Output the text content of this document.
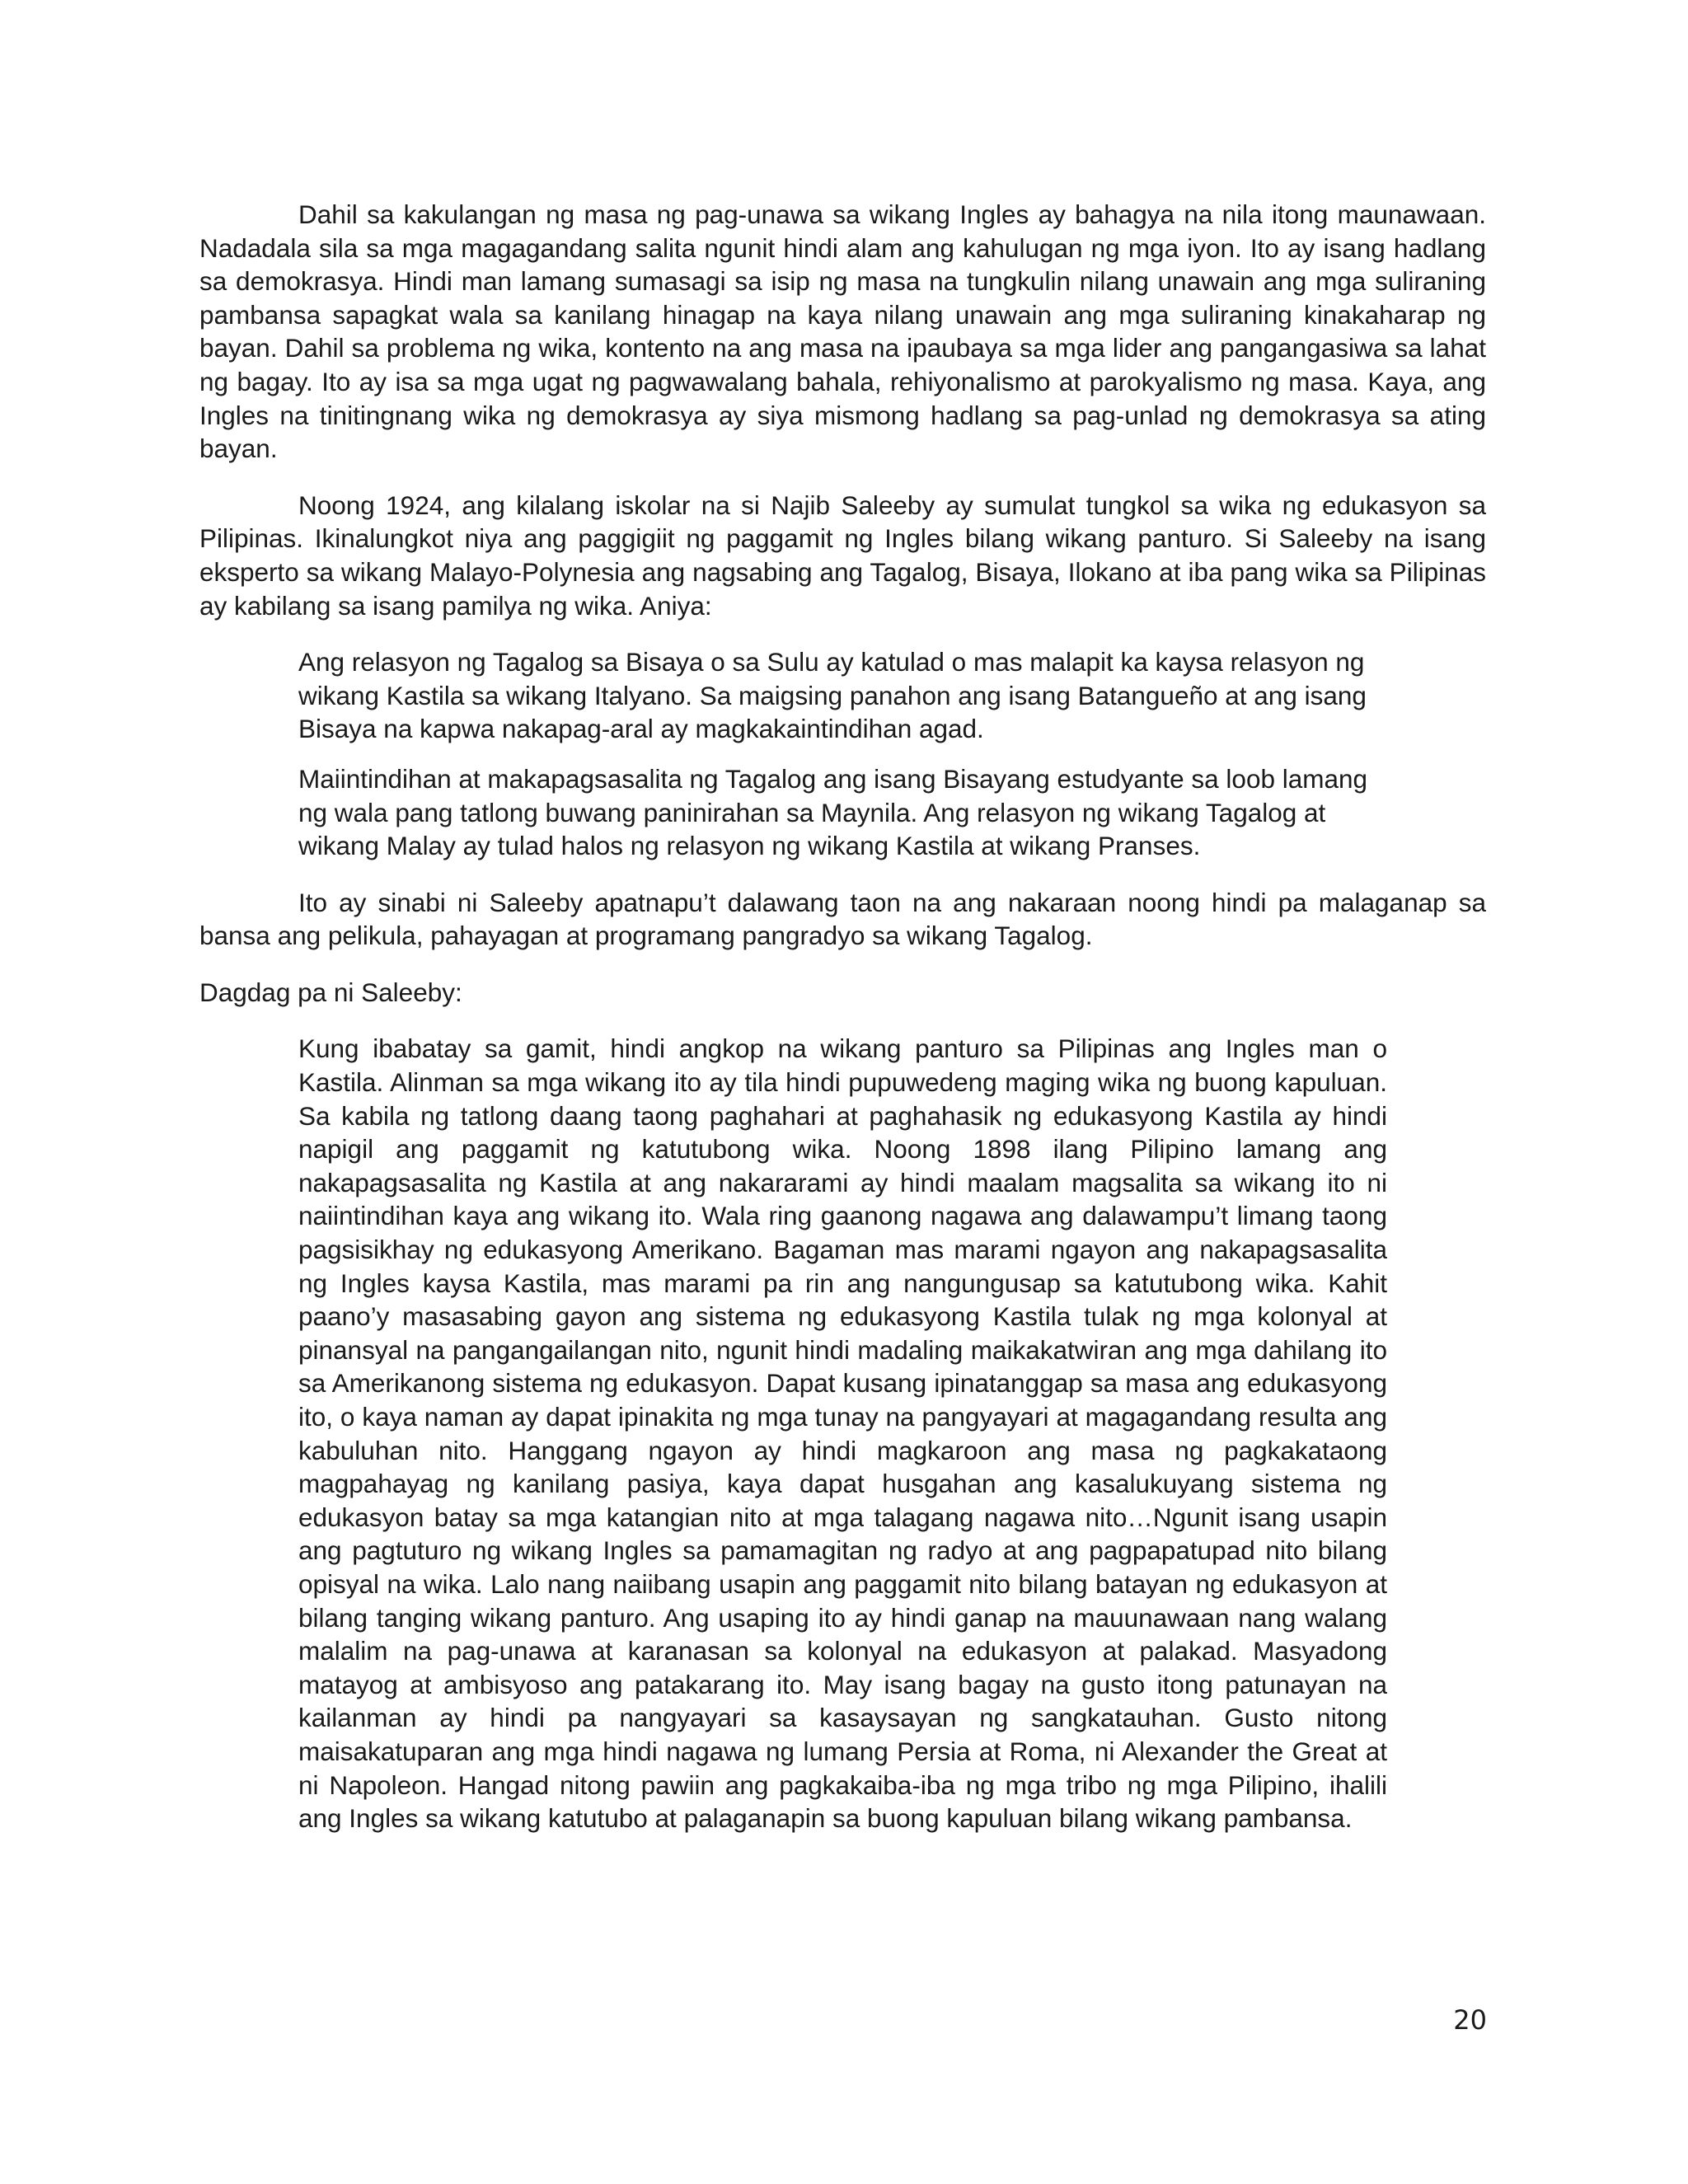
Dahil sa kakulangan ng masa ng pag-unawa sa wikang Ingles ay bahagya na nila itong maunawaan. Nadadala sila sa mga magagandang salita ngunit hindi alam ang kahulugan ng mga iyon. Ito ay isang hadlang sa demokrasya. Hindi man lamang sumasagi sa isip ng masa na tungkulin nilang unawain ang mga suliraning pambansa sapagkat wala sa kanilang hinagap na kaya nilang unawain ang mga suliraning kinakaharap ng bayan. Dahil sa problema ng wika, kontento na ang masa na ipaubaya sa mga lider ang pangangasiwa sa lahat ng bagay. Ito ay isa sa mga ugat ng pagwawalang bahala, rehiyonalismo at parokyalismo ng masa. Kaya, ang Ingles na tinitingnang wika ng demokrasya ay siya mismong hadlang sa pag-unlad ng demokrasya sa ating bayan.

Noong 1924, ang kilalang iskolar na si Najib Saleeby ay sumulat tungkol sa wika ng edukasyon sa Pilipinas. Ikinalungkot niya ang paggigiit ng paggamit ng Ingles bilang wikang panturo. Si Saleeby na isang eksperto sa wikang Malayo-Polynesia ang nagsabing ang Tagalog, Bisaya, Ilokano at iba pang wika sa Pilipinas ay kabilang sa isang pamilya ng wika. Aniya:

Ang relasyon ng Tagalog sa Bisaya o sa Sulu ay katulad o mas malapit ka kaysa relasyon ng wikang Kastila sa wikang Italyano. Sa maigsing panahon ang isang Batangueño at ang isang Bisaya na kapwa nakapag-aral ay magkakaintindihan agad.

Maiintindihan at makapagsasalita ng Tagalog ang isang Bisayang estudyante sa loob lamang ng wala pang tatlong buwang paninirahan sa Maynila. Ang relasyon ng wikang Tagalog at wikang Malay ay tulad halos ng relasyon ng wikang Kastila at wikang Pranses.

Ito ay sinabi ni Saleeby apatnapu’t dalawang taon na ang nakaraan noong hindi pa malaganap sa bansa ang pelikula, pahayagan at programang pangradyo sa wikang Tagalog.

Dagdag pa ni Saleeby:

Kung ibabatay sa gamit, hindi angkop na wikang panturo sa Pilipinas ang Ingles man o Kastila. Alinman sa mga wikang ito ay tila hindi pupuwedeng maging wika ng buong kapuluan. Sa kabila ng tatlong daang taong paghahari at paghahasik ng edukasyong Kastila ay hindi napigil ang paggamit ng katutubong wika. Noong 1898 ilang Pilipino lamang ang nakapagsasalita ng Kastila at ang nakararami ay hindi maalam magsalita sa wikang ito ni naiintindihan kaya ang wikang ito. Wala ring gaanong nagawa ang dalawampu’t limang taong pagsisikhay ng edukasyong Amerikano. Bagaman mas marami ngayon ang nakapagsasalita ng Ingles kaysa Kastila, mas marami pa rin ang nangungusap sa katutubong wika. Kahit paano’y masasabing gayon ang sistema ng edukasyong Kastila tulak ng mga kolonyal at pinansyal na pangangailangan nito, ngunit hindi madaling maikakatwiran ang mga dahilang ito sa Amerikanong sistema ng edukasyon. Dapat kusang ipinatanggap sa masa ang edukasyong ito, o kaya naman ay dapat ipinakita ng mga tunay na pangyayari at magagandang resulta ang kabuluhan nito. Hanggang ngayon ay hindi magkaroon ang masa ng pagkakataong magpahayag ng kanilang pasiya, kaya dapat husgahan ang kasalukuyang sistema ng edukasyon batay sa mga katangian nito at mga talagang nagawa nito…Ngunit isang usapin ang pagtuturo ng wikang Ingles sa pamamagitan ng radyo at ang pagpapatupad nito bilang opisyal na wika. Lalo nang naiibang usapin ang paggamit nito bilang batayan ng edukasyon at bilang tanging wikang panturo. Ang usaping ito ay hindi ganap na mauunawaan nang walang malalim na pag-unawa at karanasan sa kolonyal na edukasyon at palakad. Masyadong matayog at ambisyoso ang patakarang ito. May isang bagay na gusto itong patunayan na kailanman ay hindi pa nangyayari sa kasaysayan ng sangkatauhan. Gusto nitong maisakatuparan ang mga hindi nagawa ng lumang Persia at Roma, ni Alexander the Great at ni Napoleon. Hangad nitong pawiin ang pagkakaiba-iba ng mga tribo ng mga Pilipino, ihalili ang Ingles sa wikang katutubo at palaganapin sa buong kapuluan bilang wikang pambansa.

20
